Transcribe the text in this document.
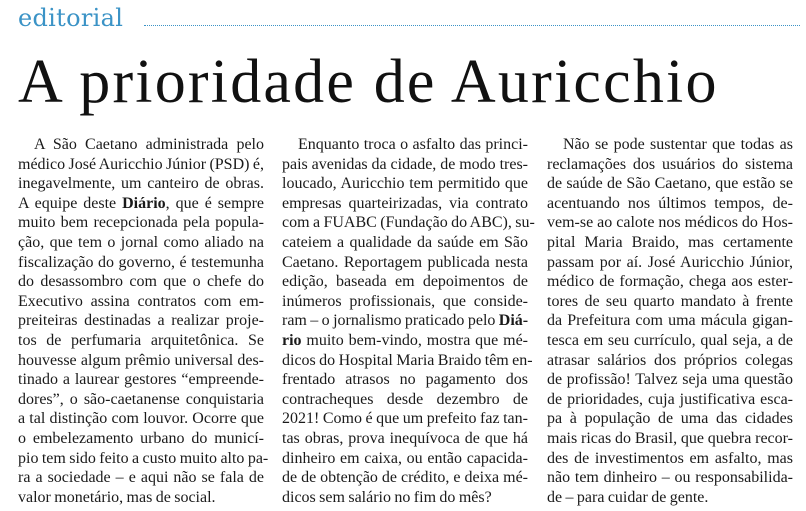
editorial
A prioridade de Auricchio

A São Caetano administrada pelo
médico José Auricchio Júnior (PSD) é,
inegavelmente, um canteiro de obras.
A equipe deste Diário, que é sempre
muito bem recepcionada pela popula-
ção, que tem o jornal como aliado na
fiscalização do governo, é testemunha
do desassombro com que o chefe do
Executivo assina contratos com em-
preiteiras destinadas a realizar proje-
tos de perfumaria arquitetônica. Se
houvesse algum prêmio universal des-
tinado a laurear gestores “empreende-
dores”, o são-caetanense conquistaria
a tal distinção com louvor. Ocorre que
o embelezamento urbano do municí-
pio tem sido feito a custo muito alto pa-
ra a sociedade – e aqui não se fala de
valor monetário, mas de social.

Enquanto troca o asfalto das princi-
pais avenidas da cidade, de modo tres-
loucado, Auricchio tem permitido que
empresas quarteirizadas, via contrato
com a FUABC (Fundação do ABC), su-
cateiem a qualidade da saúde em São
Caetano. Reportagem publicada nesta
edição, baseada em depoimentos de
inúmeros profissionais, que conside-
ram – o jornalismo praticado pelo Diá-
rio muito bem-vindo, mostra que mé-
dicos do Hospital Maria Braido têm en-
frentado atrasos no pagamento dos
contracheques desde dezembro de
2021! Como é que um prefeito faz tan-
tas obras, prova inequívoca de que há
dinheiro em caixa, ou então capacida-
de de obtenção de crédito, e deixa mé-
dicos sem salário no fim do mês?

Não se pode sustentar que todas as
reclamações dos usuários do sistema
de saúde de São Caetano, que estão se
acentuando nos últimos tempos, de-
vem-se ao calote nos médicos do Hos-
pital Maria Braido, mas certamente
passam por aí. José Auricchio Júnior,
médico de formação, chega aos ester-
tores de seu quarto mandato à frente
da Prefeitura com uma mácula gigan-
tesca em seu currículo, qual seja, a de
atrasar salários dos próprios colegas
de profissão! Talvez seja uma questão
de prioridades, cuja justificativa esca-
pa à população de uma das cidades
mais ricas do Brasil, que quebra recor-
des de investimentos em asfalto, mas
não tem dinheiro – ou responsabilida-
de – para cuidar de gente.
